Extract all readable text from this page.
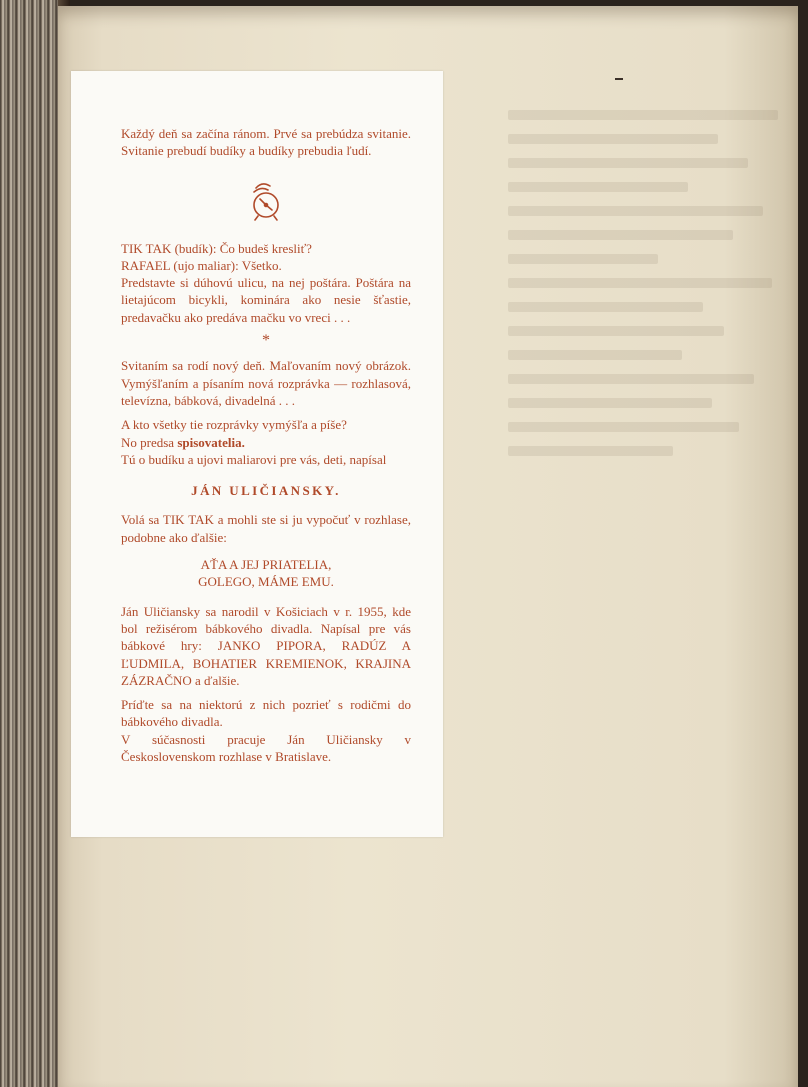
Každý deň sa začína ránom. Prvé sa prebúdza svitanie. Svitanie prebudí budíky a budíky prebudia ľudí.

TIK TAK (budík): Čo budeš kresliť?

RAFAEL (ujo maliar): Všetko.

Predstavte si dúhovú ulicu, na nej poštára. Poštára na lietajúcom bicykli, kominára ako nesie šťastie, predavačku ako predáva mačku vo vreci . . .

*

Svitaním sa rodí nový deň. Maľovaním nový obrázok. Vymýšľaním a písaním nová rozprávka — rozhlasová, televízna, bábková, divadelná . . .

A kto všetky tie rozprávky vymýšľa a píše?

No predsa spisovatelia.

Tú o budíku a ujovi maliarovi pre vás, deti, napísal

JÁN ULIČIANSKY.

Volá sa TIK TAK a mohli ste si ju vypočuť v rozhlase, podobne ako ďalšie:

AŤA A JEJ PRIATELIA,
GOLEGO, MÁME EMU.

Ján Uličiansky sa narodil v Košiciach v r. 1955, kde bol režisérom bábkového divadla. Napísal pre vás bábkové hry: JANKO PIPORA, RADÚZ A ĽUDMILA, BOHATIER KREMIENOK, KRAJINA ZÁZRAČNO a ďalšie.

Príďte sa na niektorú z nich pozrieť s rodičmi do bábkového divadla.

V súčasnosti pracuje Ján Uličiansky v Československom rozhlase v Bratislave.
